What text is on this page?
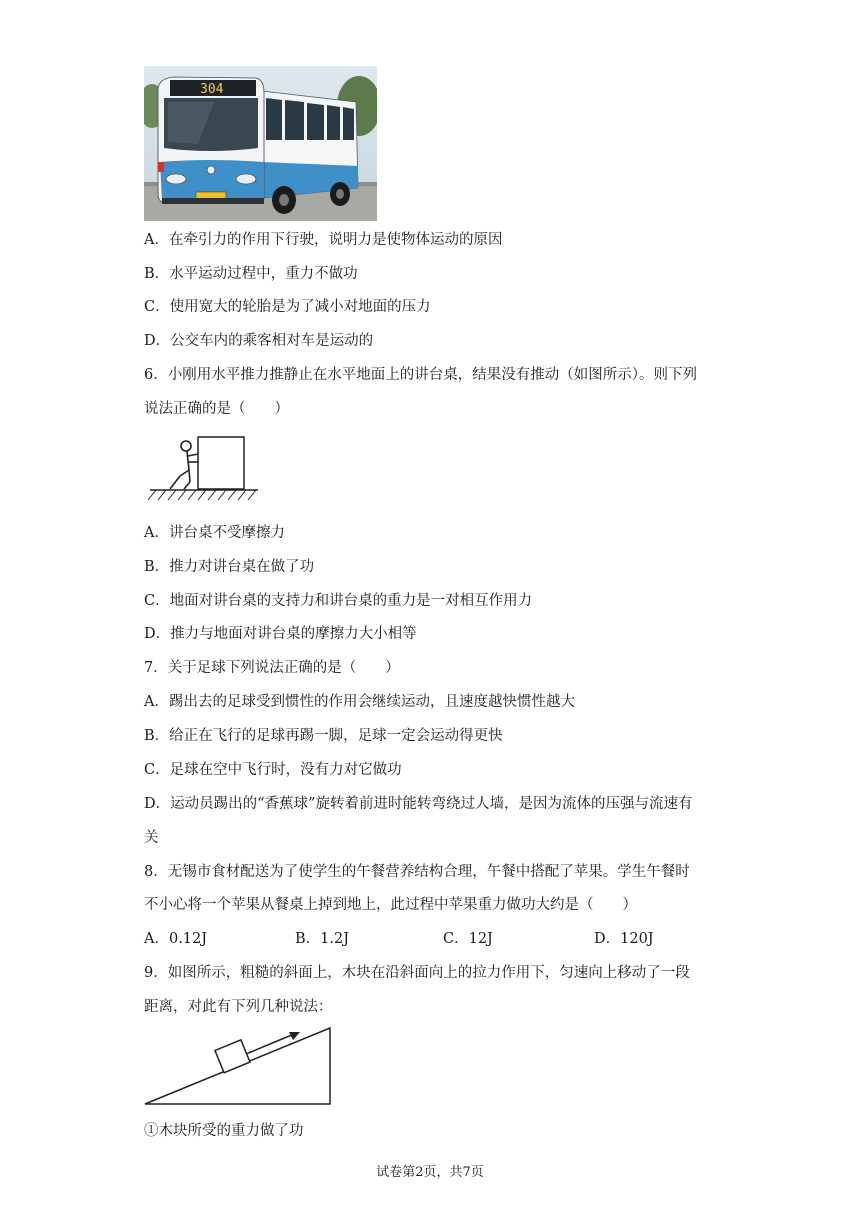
304
A．在牵引力的作用下行驶，说明力是使物体运动的原因
B．水平运动过程中，重力不做功
C．使用宽大的轮胎是为了减小对地面的压力
D．公交车内的乘客相对车是运动的
6．小刚用水平推力推静止在水平地面上的讲台桌，结果没有推动（如图所示）。则下列
说法正确的是（　　）
A．讲台桌不受摩擦力
B．推力对讲台桌在做了功
C．地面对讲台桌的支持力和讲台桌的重力是一对相互作用力
D．推力与地面对讲台桌的摩擦力大小相等
7．关于足球下列说法正确的是（　　）
A．踢出去的足球受到惯性的作用会继续运动，且速度越快惯性越大
B．给正在飞行的足球再踢一脚，足球一定会运动得更快
C．足球在空中飞行时，没有力对它做功
D．运动员踢出的“香蕉球”旋转着前进时能转弯绕过人墙，是因为流体的压强与流速有
关
8．无锡市食材配送为了使学生的午餐营养结构合理，午餐中搭配了苹果。学生午餐时
不小心将一个苹果从餐桌上掉到地上，此过程中苹果重力做功大约是（　　）
A．0.12J	B．1.2J	C．12J	D．120J
9．如图所示，粗糙的斜面上，木块在沿斜面向上的拉力作用下，匀速向上移动了一段
距离，对此有下列几种说法：
①木块所受的重力做了功
试卷第2页，共7页
